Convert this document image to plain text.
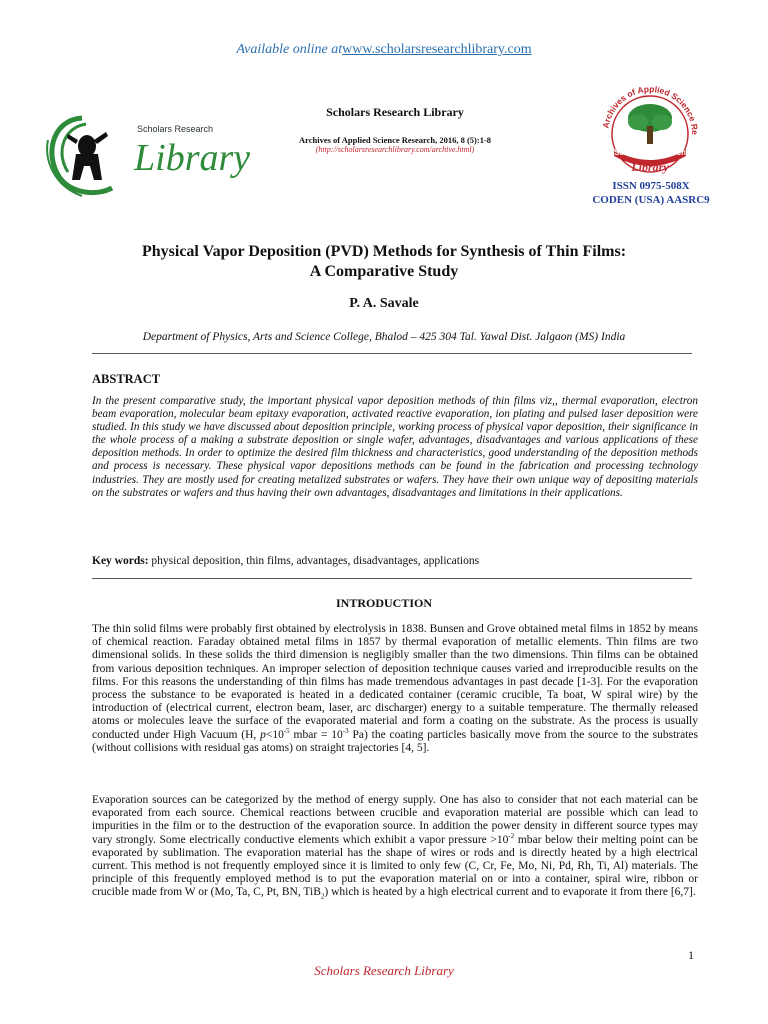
Available online atwww.scholarsresearchlibrary.com
Scholars Research
Library
Scholars Research Library
Archives of Applied Science Research, 2016, 8 (5):1-8
(http://scholarsresearchlibrary.com/archive.html)
Archives of Applied Science Re
Scholars Research
Library
ISSN 0975-508X
CODEN (USA) AASRC9
Physical Vapor Deposition (PVD) Methods for Synthesis of Thin Films:
A Comparative Study
P. A. Savale
Department of Physics, Arts and Science College, Bhalod – 425 304 Tal. Yawal Dist. Jalgaon (MS) India
ABSTRACT
In the present comparative study, the important physical vapor deposition methods of thin films viz,, thermal evaporation, electron beam evaporation, molecular beam epitaxy evaporation, activated reactive evaporation, ion plating and pulsed laser deposition were studied. In this study we have discussed about deposition principle, working process of physical vapor deposition, their significance in the whole process of a making a substrate deposition or single wafer, advantages, disadvantages and various applications of these deposition methods. In order to optimize the desired film thickness and characteristics, good understanding of the deposition methods and process is necessary. These physical vapor depositions methods can be found in the fabrication and processing technology industries. They are mostly used for creating metalized substrates or wafers. They have their own unique way of depositing materials on the substrates or wafers and thus having their own advantages, disadvantages and limitations in their applications.
Key words: physical deposition, thin films, advantages, disadvantages, applications
INTRODUCTION
The thin solid films were probably first obtained by electrolysis in 1838. Bunsen and Grove obtained metal films in 1852 by means of chemical reaction. Faraday obtained metal films in 1857 by thermal evaporation of metallic elements. Thin films are two dimensional solids. In these solids the third dimension is negligibly smaller than the two dimensions. Thin films can be obtained from various deposition techniques. An improper selection of deposition technique causes varied and irreproducible results on the films. For this reasons the understanding of thin films has made tremendous advantages in past decade [1-3]. For the evaporation process the substance to be evaporated is heated in a dedicated container (ceramic crucible, Ta boat, W spiral wire) by the introduction of (electrical current, electron beam, laser, arc discharger) energy to a suitable temperature. The thermally released atoms or molecules leave the surface of the evaporated material and form a coating on the substrate. As the process is usually conducted under High Vacuum (H, $p<10^{-5}$ mbar = $10^{-3}$ Pa) the coating particles basically move from the source to the substrates (without collisions with residual gas atoms) on straight trajectories [4, 5].
Evaporation sources can be categorized by the method of energy supply. One has also to consider that not each material can be evaporated from each source. Chemical reactions between crucible and evaporation material are possible which can lead to impurities in the film or to the destruction of the evaporation source. In addition the power density in different source types may vary strongly. Some electrically conductive elements which exhibit a vapor pressure $>10^{-2}$ mbar below their melting point can be evaporated by sublimation. The evaporation material has the shape of wires or rods and is directly heated by a high electrical current. This method is not frequently employed since it is limited to only few (C, Cr, Fe, Mo, Ni, Pd, Rh, Ti, Al) materials. The principle of this frequently employed method is to put the evaporation material on or into a container, spiral wire, ribbon or crucible made from W or (Mo, Ta, C, Pt, BN, TiB$_2$) which is heated by a high electrical current and to evaporate it from there [6,7].
1
Scholars Research Library
